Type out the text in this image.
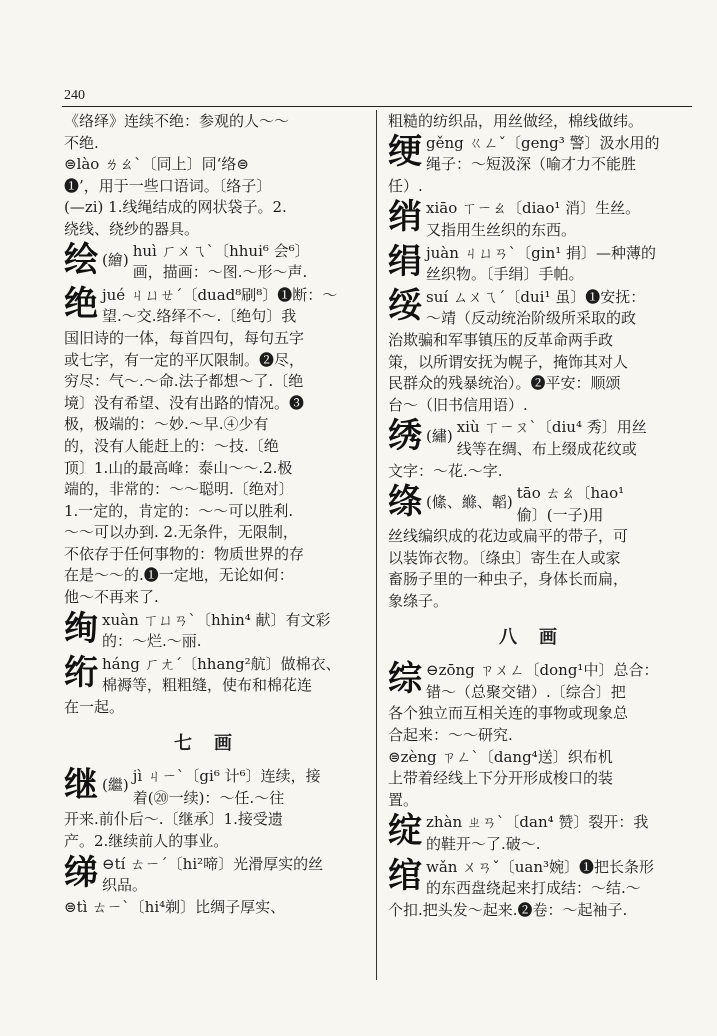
240
《络绎》连续不绝：参观的人～～
不绝.
⊜lào ㄌㄠˋ〔同上〕同‘络⊜
❶’，用于一些口语词。〔络子〕
(—zi) 1.线绳结成的网状袋子。2.
绕线、绕纱的器具。
绘 (繪) huì ㄏㄨㄟˋ〔hhui⁶ 会⁶〕
画，描画：～图.～形～声.
绝 jué ㄐㄩㄝˊ〔duad⁸刷⁸〕❶断：～
望.～交.络绎不～.〔绝句〕我
国旧诗的一体，每首四句，每句五字
或七字，有一定的平仄限制。❷尽，
穷尽：气～.～命.法子都想～了.〔绝
境〕没有希望、没有出路的情况。❸
极，极端的：～妙.～早.④少有
的，没有人能赶上的：～技.〔绝
顶〕1.山的最高峰：泰山～～.2.极
端的，非常的：～～聪明.〔绝对〕
1.一定的，肯定的：～～可以胜利.
～～可以办到. 2.无条件，无限制，
不依存于任何事物的：物质世界的存
在是～～的.❶一定地，无论如何：
他～不再来了.
绚 xuàn ㄒㄩㄢˋ〔hhin⁴ 献〕有文彩
的：～烂.～丽.
绗 háng ㄏㄤˊ〔hhang²航〕做棉衣、
棉褥等，粗粗缝，使布和棉花连
在一起。
七画
继 (繼) jì ㄐㄧˋ〔gi⁶ 计⁶〕连续，接
着(⑳一续)：～任.～往
开来.前仆后～.〔继承〕1.接受遗
产。2.继续前人的事业。
绨 ⊖tí ㄊㄧˊ〔hi²啼〕光滑厚实的丝
织品。
⊜tì ㄊㄧˋ〔hi⁴剃〕比绸子厚实、
粗糙的纺织品，用丝做经，棉线做纬。
绠 gěng ㄍㄥˇ〔geng³ 警〕汲水用的
绳子：～短汲深（喻才力不能胜
任）.
绡 xiāo ㄒㄧㄠ〔diao¹ 消〕生丝。
又指用生丝织的东西。
绢 juàn ㄐㄩㄢˋ〔gin¹ 捐〕—种薄的
丝织物。〔手绢〕手帕。
绥 suí ㄙㄨㄟˊ〔dui¹ 虽〕❶安抚：
～靖（反动统治阶级所采取的政
治欺骗和军事镇压的反革命两手政
策，以所谓安抚为幌子，掩饰其对人
民群众的残暴统治）。❷平安：顺颂
台～（旧书信用语）.
绣 (繡) xiù ㄒㄧㄡˋ〔diu⁴ 秀〕用丝
线等在绸、布上缀成花纹或
文字：～花.～字.
绦 (絛、縧、韜) tāo ㄊㄠ〔hao¹
偷〕(一子)用
丝线编织成的花边或扁平的带子，可
以装饰衣物。〔绦虫〕寄生在人或家
畜肠子里的一种虫子，身体长而扁，
象绦子。
八画
综 ⊖zōng ㄗㄨㄥ〔dong¹中〕总合：
错～（总聚交错）.〔综合〕把
各个独立而互相关连的事物或现象总
合起来：～～研究.
⊜zèng ㄗㄥˋ〔dang⁴送〕织布机
上带着经线上下分开形成梭口的装
置。
绽 zhàn ㄓㄢˋ〔dan⁴ 赞〕裂开：我
的鞋开～了.破～.
绾 wǎn ㄨㄢˇ〔uan³婉〕❶把长条形
的东西盘绕起来打成结：～结.～
个扣.把头发～起来.❷卷：～起袖子.
